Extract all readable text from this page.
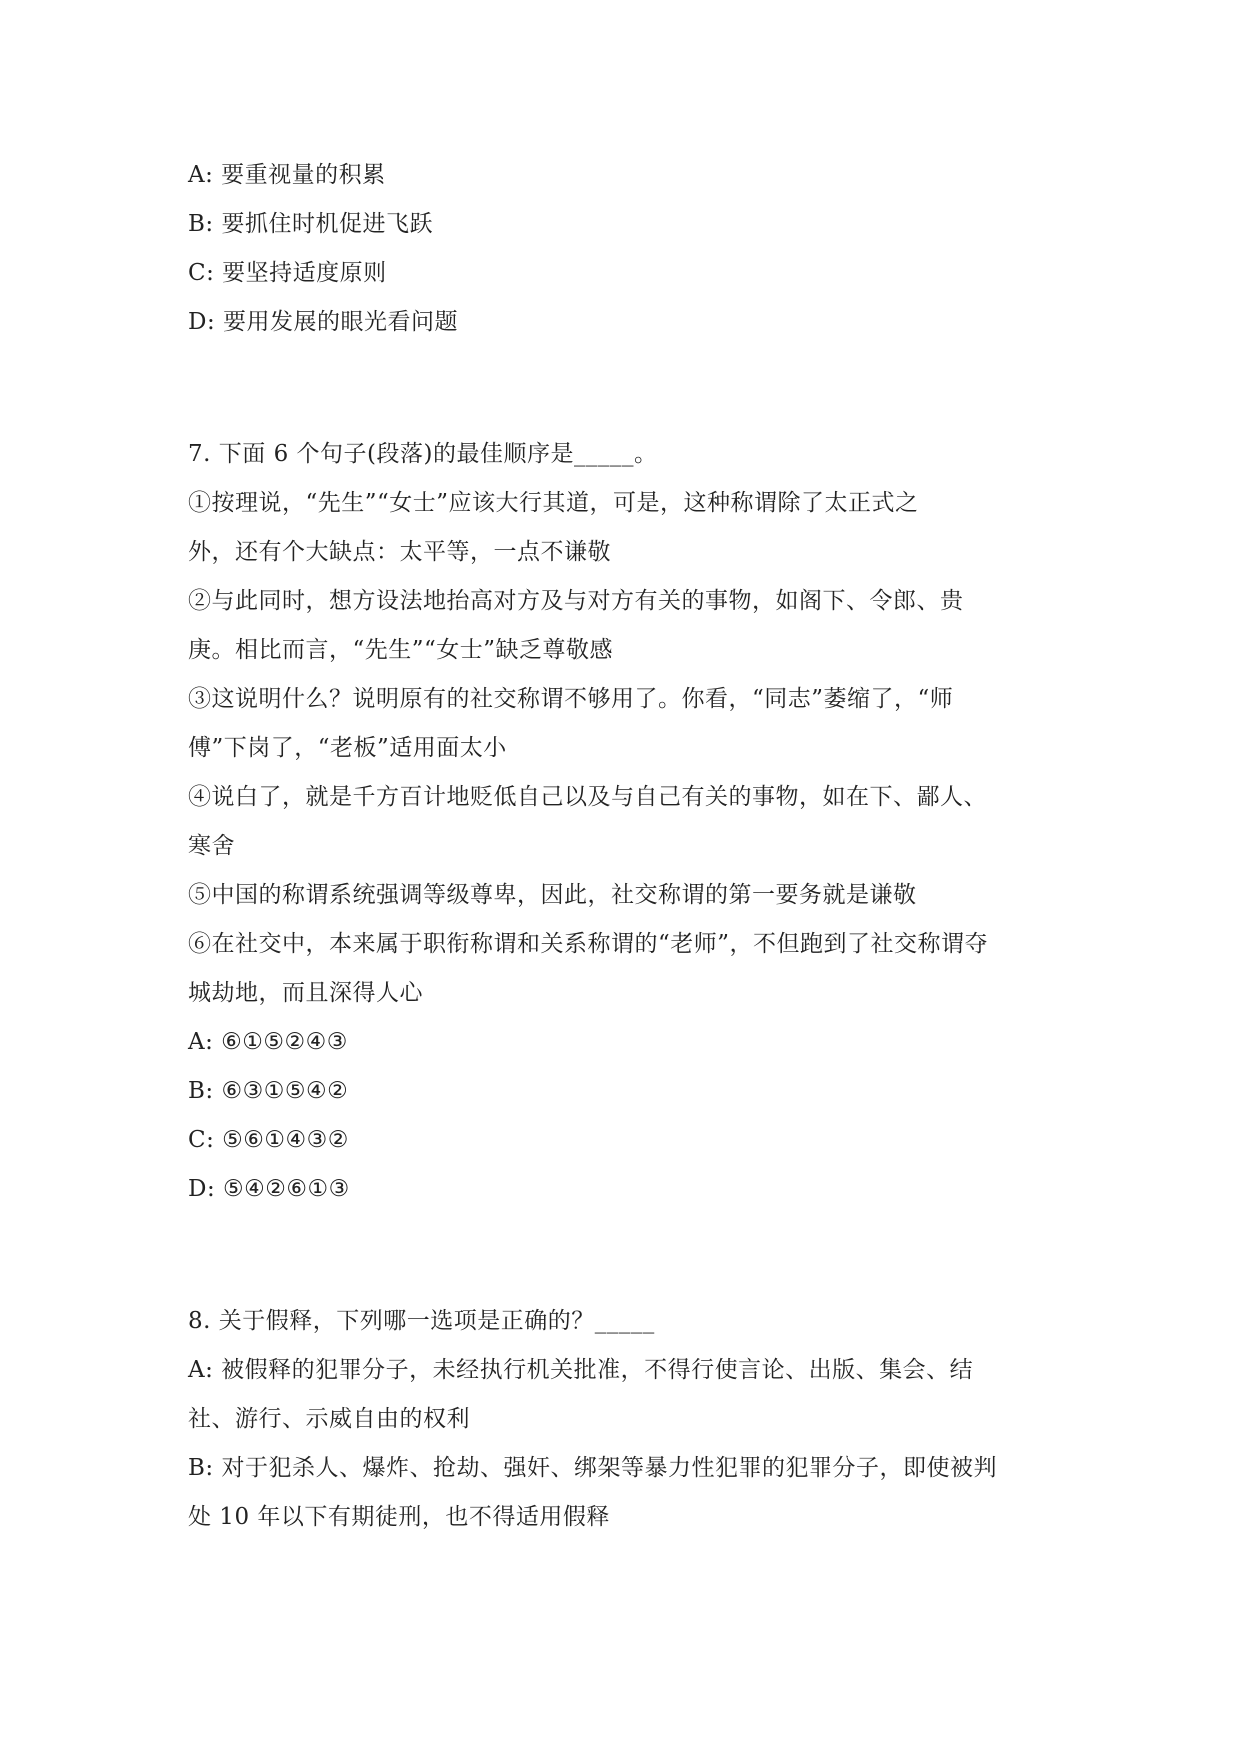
A: 要重视量的积累
B: 要抓住时机促进飞跃
C: 要坚持适度原则
D: 要用发展的眼光看问题
7. 下面 6 个句子(段落)的最佳顺序是_____。
①按理说，“先生”“女士”应该大行其道，可是，这种称谓除了太正式之
外，还有个大缺点：太平等，一点不谦敬
②与此同时，想方设法地抬高对方及与对方有关的事物，如阁下、令郎、贵
庚。相比而言，“先生”“女士”缺乏尊敬感
③这说明什么？说明原有的社交称谓不够用了。你看，“同志”萎缩了，“师
傅”下岗了，“老板”适用面太小
④说白了，就是千方百计地贬低自己以及与自己有关的事物，如在下、鄙人、
寒舍
⑤中国的称谓系统强调等级尊卑，因此，社交称谓的第一要务就是谦敬
⑥在社交中，本来属于职衔称谓和关系称谓的“老师”，不但跑到了社交称谓夺
城劫地，而且深得人心
A: ⑥①⑤②④③
B: ⑥③①⑤④②
C: ⑤⑥①④③②
D: ⑤④②⑥①③
8. 关于假释，下列哪一选项是正确的？_____
A: 被假释的犯罪分子，未经执行机关批准，不得行使言论、出版、集会、结
社、游行、示威自由的权利
B: 对于犯杀人、爆炸、抢劫、强奸、绑架等暴力性犯罪的犯罪分子，即使被判
处 10 年以下有期徒刑，也不得适用假释
